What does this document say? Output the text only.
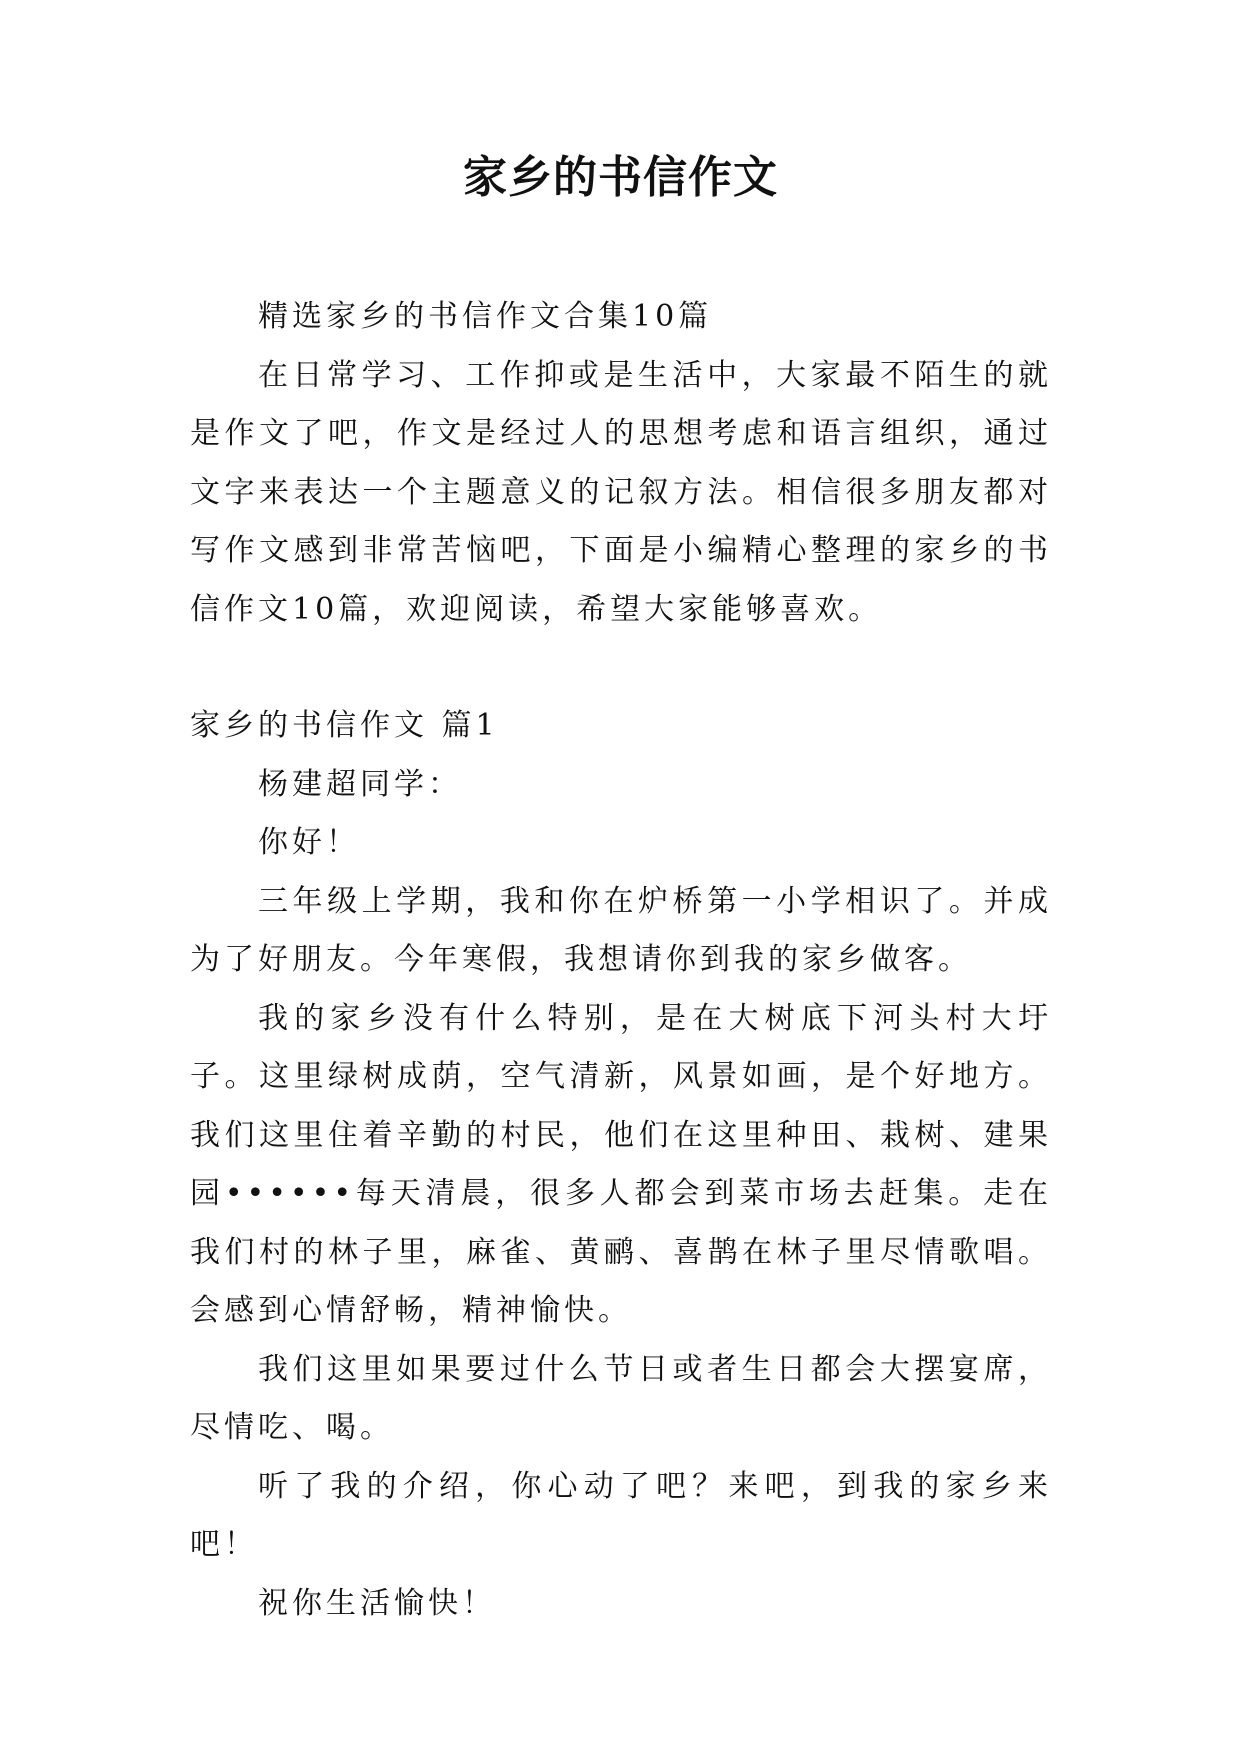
家乡的书信作文

精选家乡的书信作文合集10篇

在日常学习、工作抑或是生活中，大家最不陌生的就是作文了吧，作文是经过人的思想考虑和语言组织，通过文字来表达一个主题意义的记叙方法。相信很多朋友都对写作文感到非常苦恼吧，下面是小编精心整理的家乡的书信作文10篇，欢迎阅读，希望大家能够喜欢。

家乡的书信作文 篇1

杨建超同学：

你好！

三年级上学期，我和你在炉桥第一小学相识了。并成为了好朋友。今年寒假，我想请你到我的家乡做客。

我的家乡没有什么特别，是在大树底下河头村大圩子。这里绿树成荫，空气清新，风景如画，是个好地方。我们这里住着辛勤的村民，他们在这里种田、栽树、建果园••••••每天清晨，很多人都会到菜市场去赶集。走在我们村的林子里，麻雀、黄鹂、喜鹊在林子里尽情歌唱。会感到心情舒畅，精神愉快。

我们这里如果要过什么节日或者生日都会大摆宴席，尽情吃、喝。

听了我的介绍，你心动了吧？来吧，到我的家乡来吧！

祝你生活愉快！
